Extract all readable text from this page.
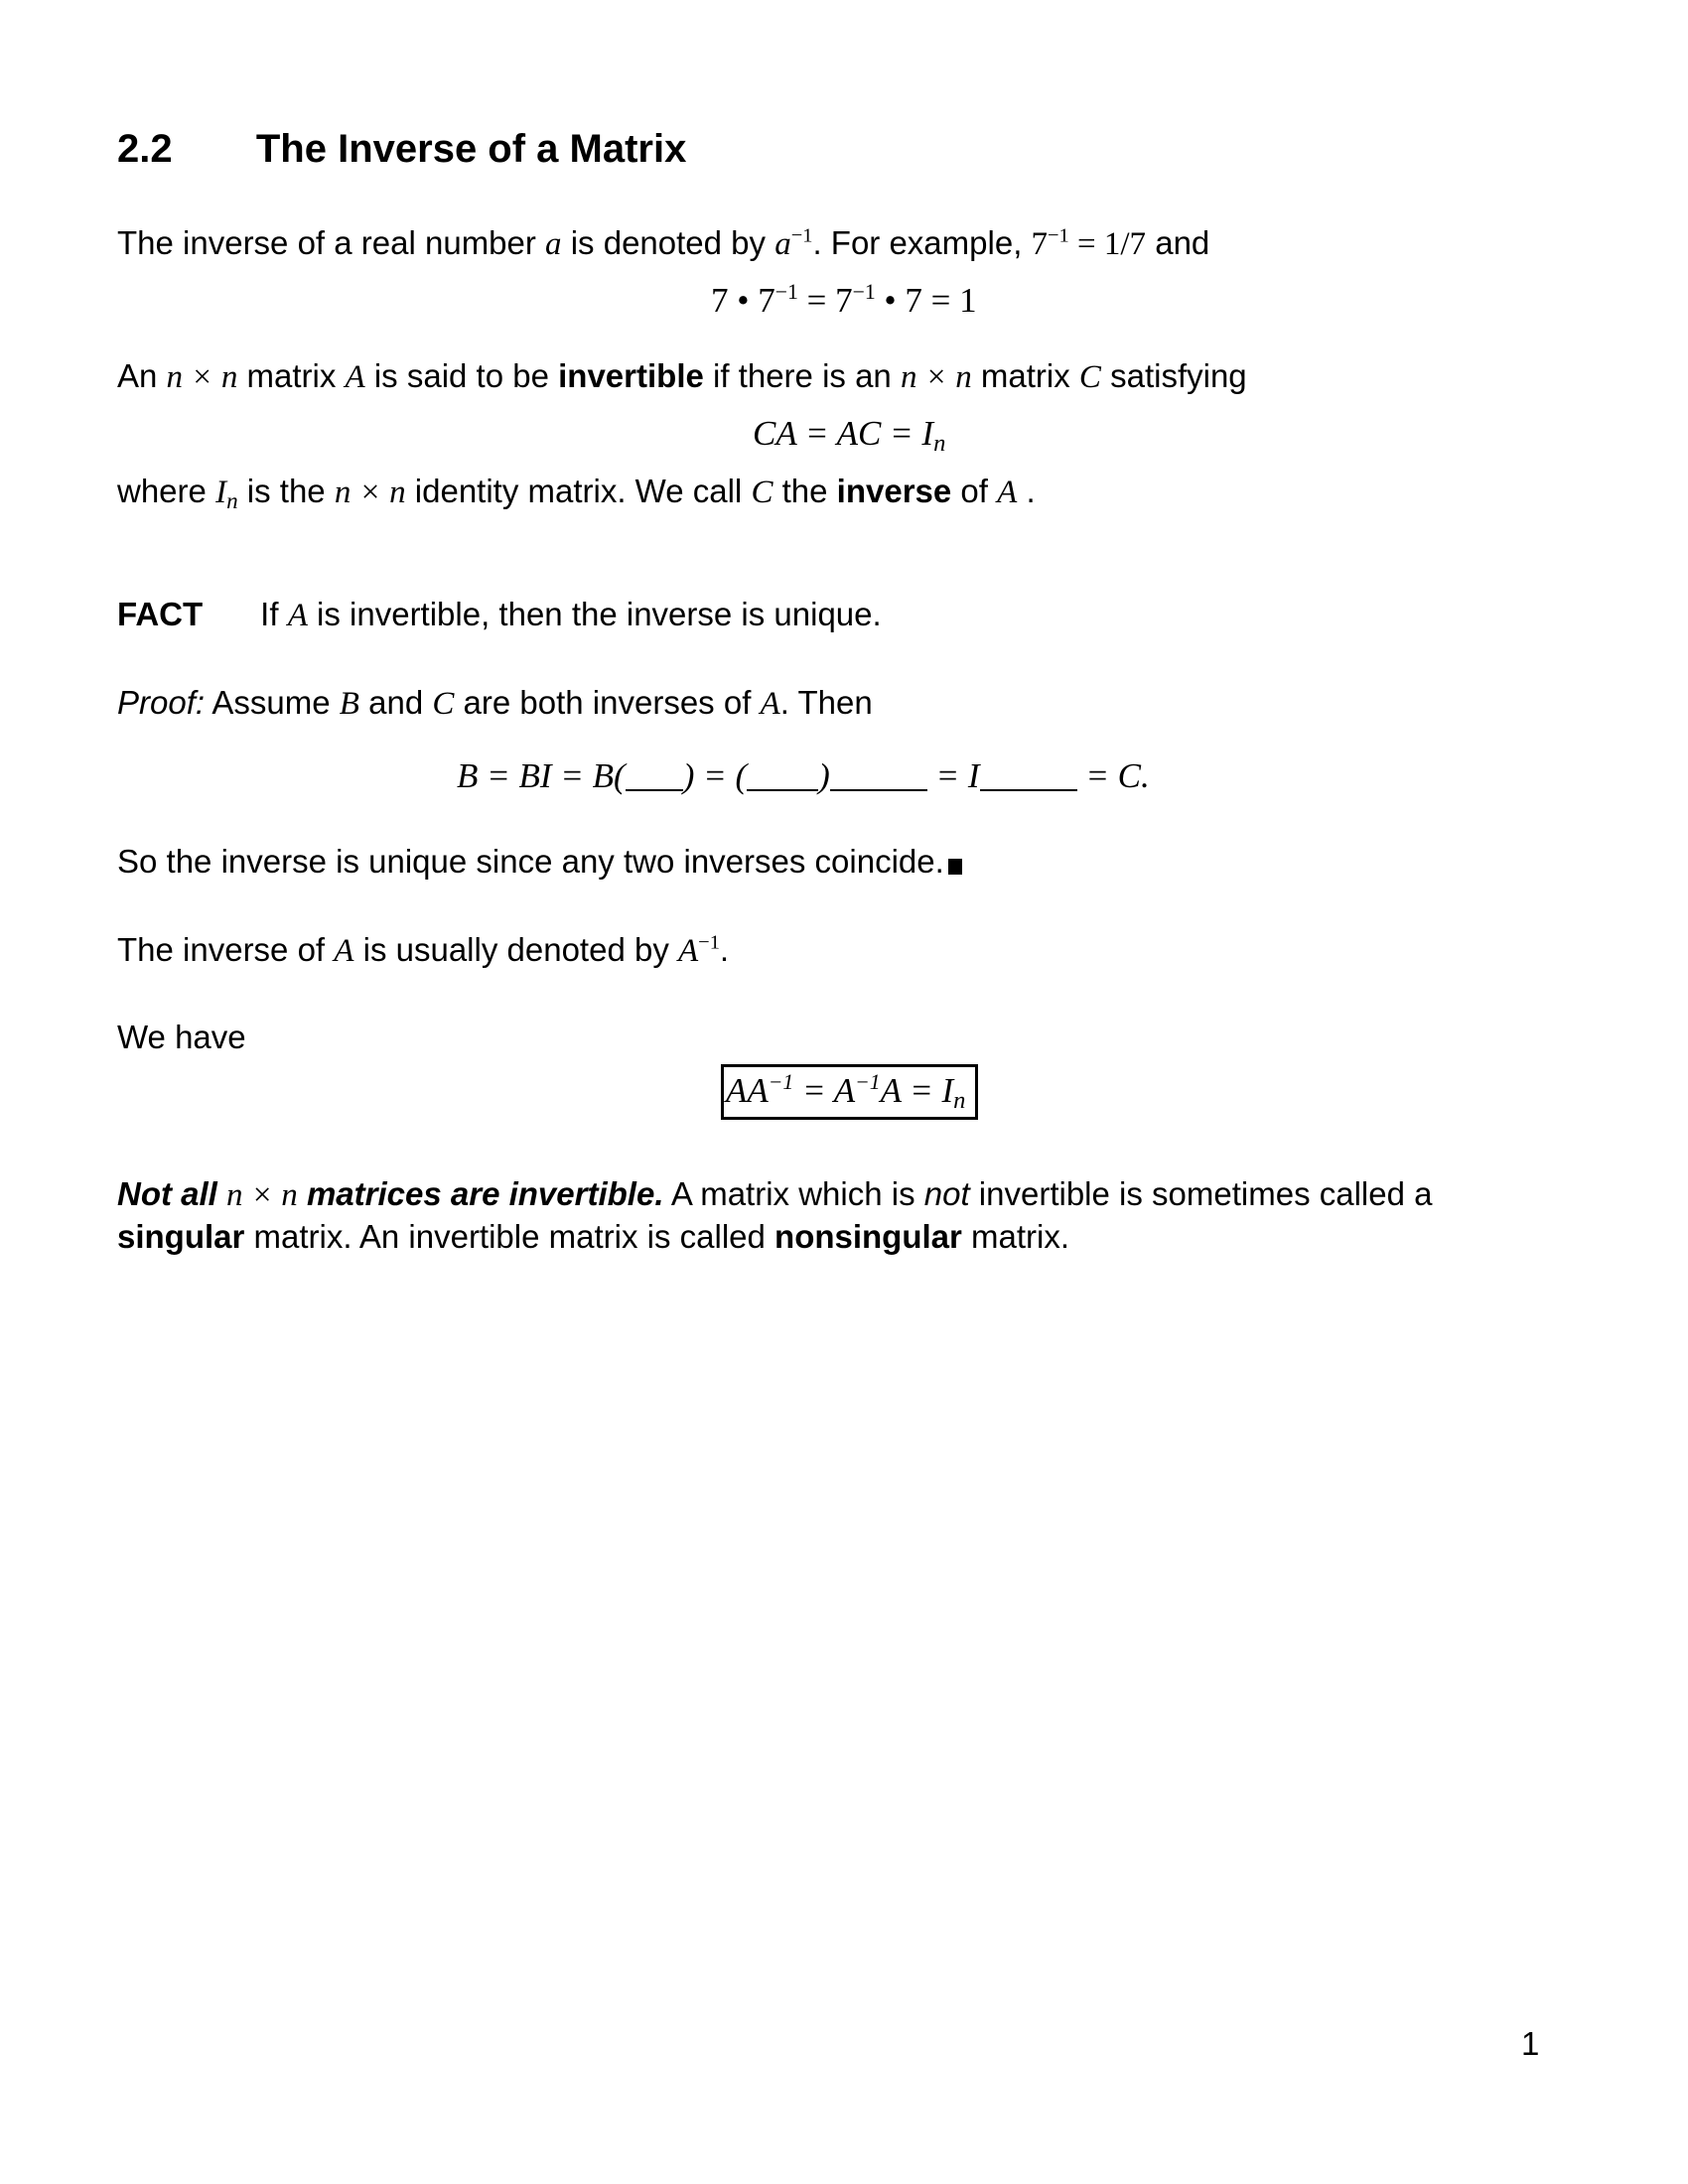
2.2 The Inverse of a Matrix
The inverse of a real number a is denoted by $a^{-1}$. For example, $7^{-1} = 1/7$ and
7 • $7^{-1} = 7^{-1}$ • 7 = 1
An n × n matrix A is said to be invertible if there is an n × n matrix C satisfying
CA = AC = $I_n$
where $I_n$ is the n × n identity matrix. We call C the inverse of A .
FACT If A is invertible, then the inverse is unique.
Proof: Assume B and C are both inverses of A. Then
B = BI = B( ) = ( )	= I	= C.
So the inverse is unique since any two inverses coincide.
The inverse of A is usually denoted by $A^{-1}$.
We have
$AA^{-1} = A^{-1}A = I_n$
Not all n × n matrices are invertible. A matrix which is not invertible is sometimes called a
singular matrix. An invertible matrix is called nonsingular matrix.
1
